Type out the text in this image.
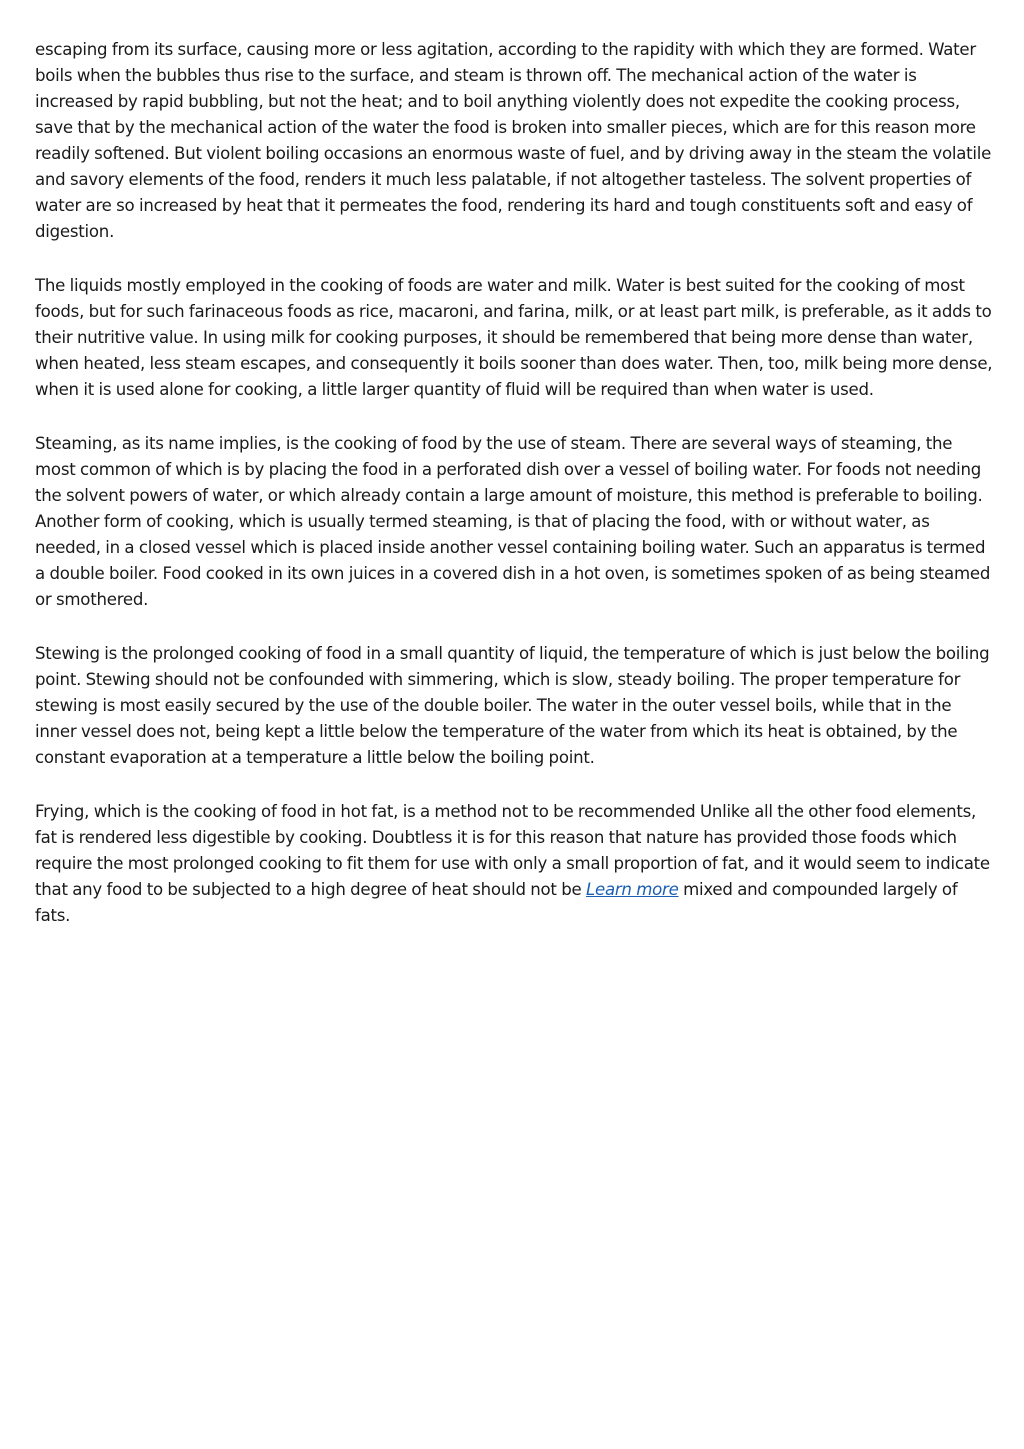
escaping from its surface, causing more or less agitation, according to the rapidity with which they are formed. Water boils when the bubbles thus rise to the surface, and steam is thrown off. The mechanical action of the water is increased by rapid bubbling, but not the heat; and to boil anything violently does not expedite the cooking process, save that by the mechanical action of the water the food is broken into smaller pieces, which are for this reason more readily softened. But violent boiling occasions an enormous waste of fuel, and by driving away in the steam the volatile and savory elements of the food, renders it much less palatable, if not altogether tasteless. The solvent properties of water are so increased by heat that it permeates the food, rendering its hard and tough constituents soft and easy of digestion.

The liquids mostly employed in the cooking of foods are water and milk. Water is best suited for the cooking of most foods, but for such farinaceous foods as rice, macaroni, and farina, milk, or at least part milk, is preferable, as it adds to their nutritive value. In using milk for cooking purposes, it should be remembered that being more dense than water, when heated, less steam escapes, and consequently it boils sooner than does water. Then, too, milk being more dense, when it is used alone for cooking, a little larger quantity of fluid will be required than when water is used.

Steaming, as its name implies, is the cooking of food by the use of steam. There are several ways of steaming, the most common of which is by placing the food in a perforated dish over a vessel of boiling water. For foods not needing the solvent powers of water, or which already contain a large amount of moisture, this method is preferable to boiling. Another form of cooking, which is usually termed steaming, is that of placing the food, with or without water, as needed, in a closed vessel which is placed inside another vessel containing boiling water. Such an apparatus is termed a double boiler. Food cooked in its own juices in a covered dish in a hot oven, is sometimes spoken of as being steamed or smothered.

Stewing is the prolonged cooking of food in a small quantity of liquid, the temperature of which is just below the boiling point. Stewing should not be confounded with simmering, which is slow, steady boiling. The proper temperature for stewing is most easily secured by the use of the double boiler. The water in the outer vessel boils, while that in the inner vessel does not, being kept a little below the temperature of the water from which its heat is obtained, by the constant evaporation at a temperature a little below the boiling point.

Frying, which is the cooking of food in hot fat, is a method not to be recommended Unlike all the other food elements, fat is rendered less digestible by cooking. Doubtless it is for this reason that nature has provided those foods which require the most prolonged cooking to fit them for use with only a small proportion of fat, and it would seem to indicate that any food to be subjected to a high degree of heat should not be Learn more mixed and compounded largely of fats.
